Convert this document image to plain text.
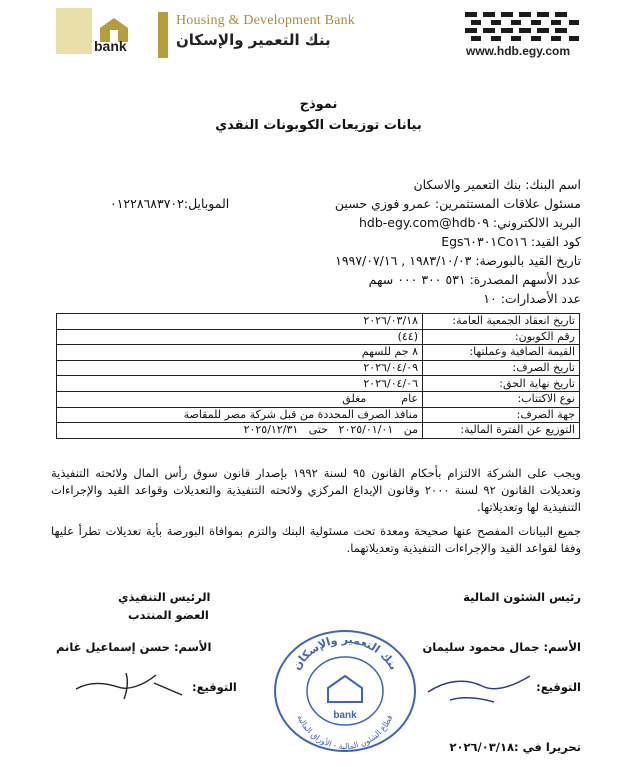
bank
Housing & Development Bank
بنك التعمير والإسكان
www.hdb.egy.com
نموذج
بيانات توزيعات الكوبونات النقدي
اسم البنك: بنك التعمير والاسكان
مسئول علاقات المستثمرين: عمرو فوزي حسين
الموبايل:٠١٢٢٨٦٨٣٧٠٢
البريد الالكتروني: hdb٠٩@hdb-egy.com
كود القيد: Egs٦٠٣٠١Co١٦
تاريخ القيد بالبورصة: ١٩٨٣/١٠/٠٣ , ١٩٩٧/٠٧/١٦
عدد الأسهم المصدرة: ٥٣١ ٣٠٠ ٠٠٠ سهم
عدد الأصدارات: ١٠
تاريخ انعقاد الجمعية العامة:	٢٠٢٦/٠٣/١٨
رقم الكوبون:	(٤٤)
القيمة الصافية وعملتها:	٨ جم للسهم
تاريخ الصرف:	٢٠٢٦/٠٤/٠٩
تاريخ نهاية الحق:	٢٠٢٦/٠٤/٠٦
نوع الاكتتاب:	عام          مغلق
جهة الصرف:	منافذ الصرف المحددة من قبل شركة مصر للمقاصة
التوزيع عن الفترة المالية:	من   ٢٠٢٥/٠١/٠١   حتى   ٢٠٢٥/١٢/٣١
ويجب على الشركة الالتزام بأحكام القانون ٩٥ لسنة ١٩٩٢ بإصدار قانون سوق رأس المال ولائحته التنفيذية وتعديلات القانون ٩٢ لسنة ٢٠٠٠ وقانون الإيداع المركزي ولائحته التنفيذية والتعديلات وقواعد القيد والإجراءات التنفيذية لها وتعديلاتها.
جميع البيانات المفصح عنها صحيحة ومعدة تحت مسئولية البنك والتزم بموافاة البورصة بأية تعديلات تطرأ عليها وفقا لقواعد القيد والإجراءات التنفيذية وتعديلاتهما.
رئيس الشئون المالية
الرئيس التنفيذي
العضو المنتدب
الأسم: جمال محمود سليمان
الأسم: حسن إسماعيل غانم
التوقيع:
التوقيع:
بنك التعمير والإسكان
قطاع الشئون المالية - الأوراق المالية
bank
تحريرا في :٢٠٢٦/٠٣/١٨
